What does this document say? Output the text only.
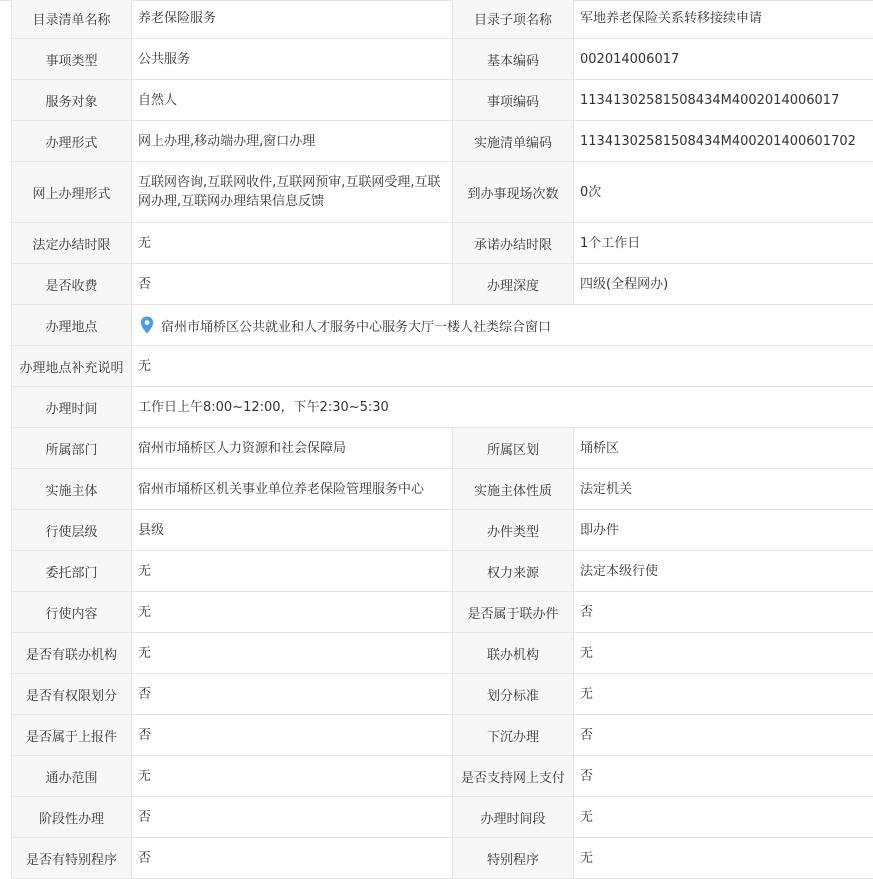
目录清单名称	养老保险服务	目录子项名称	军地养老保险关系转移接续申请
事项类型	公共服务	基本编码	002014006017
服务对象	自然人	事项编码	11341302581508434M4002014006017
办理形式	网上办理,移动端办理,窗口办理	实施清单编码	11341302581508434M400201400601702
网上办理形式	互联网咨询,互联网收件,互联网预审,互联网受理,互联网办理,互联网办理结果信息反馈	到办事现场次数	0次
法定办结时限	无	承诺办结时限	1个工作日
是否收费	否	办理深度	四级(全程网办)
办理地点	宿州市埇桥区公共就业和人才服务中心服务大厅一楼人社类综合窗口		

办理地点补充说明	无		
办理时间	工作日上午8:00~12:00，下午2:30~5:30		
所属部门	宿州市埇桥区人力资源和社会保障局	所属区划	埇桥区
实施主体	宿州市埇桥区机关事业单位养老保险管理服务中心	实施主体性质	法定机关
行使层级	县级	办件类型	即办件
委托部门	无	权力来源	法定本级行使
行使内容	无	是否属于联办件	否
是否有联办机构	无	联办机构	无
是否有权限划分	否	划分标准	无
是否属于上报件	否	下沉办理	否
通办范围	无	是否支持网上支付	否
阶段性办理	否	办理时间段	无
是否有特别程序	否	特别程序	无
